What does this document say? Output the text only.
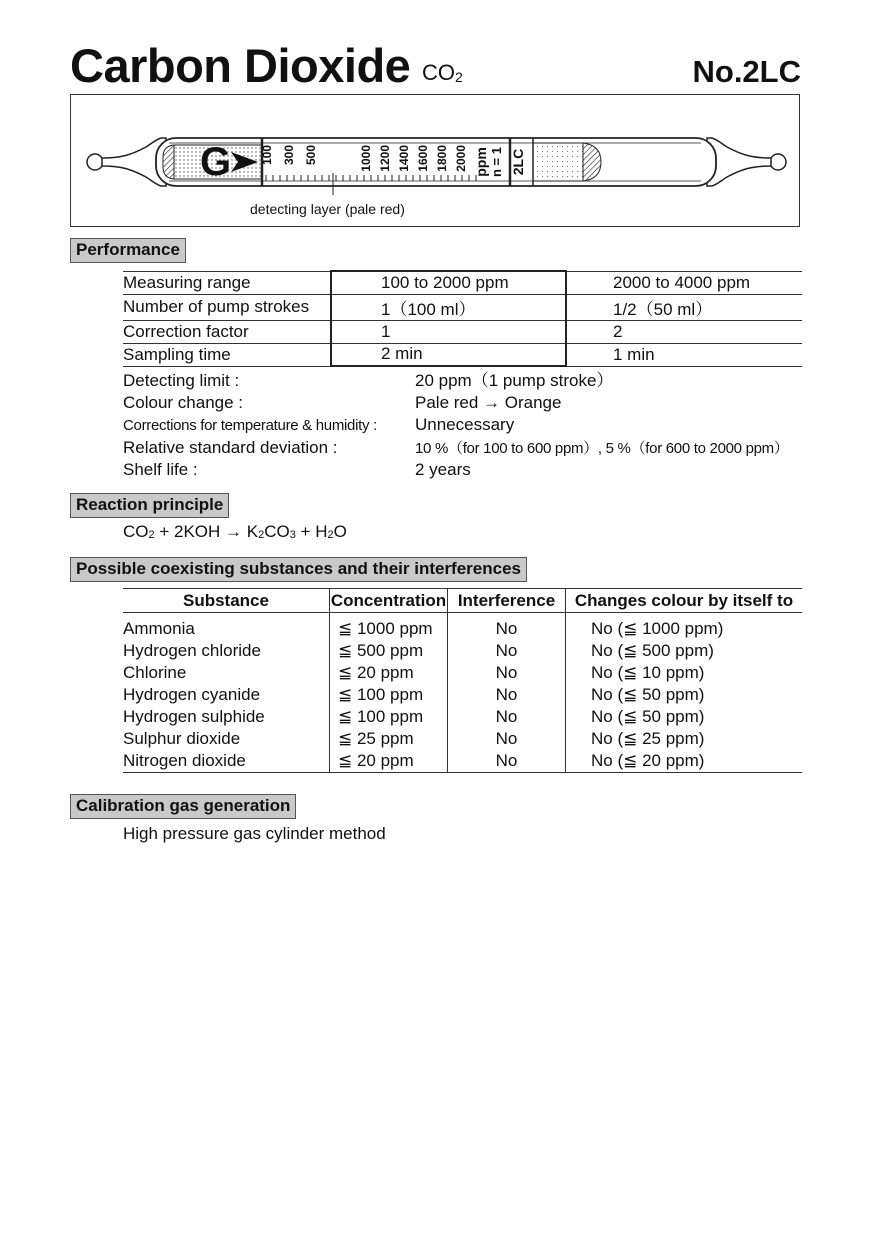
Carbon Dioxide $CO_2$	No.2LC
G 100 300 500	1000 1200 1400 1600 1800 2000 ppm n = 1 2LC
detecting layer (pale red)
Performance
Measuring range	100 to 2000 ppm	2000 to 4000 ppm
Number of pump strokes	1（100 ml）	1/2（50 ml）
Correction factor	1	2
Sampling time	2 min	1 min
Detecting limit :	20 ppm（1 pump stroke）
Colour change :	Pale red → Orange
Corrections for temperature & humidity : Unnecessary
Relative standard deviation :	10 %（for 100 to 600 ppm）, 5 %（for 600 to 2000 ppm）
Shelf life :	2 years
Reaction principle
$CO_2 + 2KOH \to K_2CO_3 + H_2O$
Possible coexisting substances and their interferences
Substance	Concentration	Interference	Changes colour by itself to

Ammonia	≦ 1000 ppm	No	No (≦ 1000 ppm)
Hydrogen chloride	≦ 500 ppm	No	No (≦ 500 ppm)
Chlorine	≦ 20 ppm	No	No (≦ 10 ppm)
Hydrogen cyanide	≦ 100 ppm	No	No (≦ 50 ppm)
Hydrogen sulphide	≦ 100 ppm	No	No (≦ 50 ppm)
Sulphur dioxide	≦ 25 ppm	No	No (≦ 25 ppm)
Nitrogen dioxide	≦ 20 ppm	No	No (≦ 20 ppm)
Calibration gas generation
High pressure gas cylinder method
